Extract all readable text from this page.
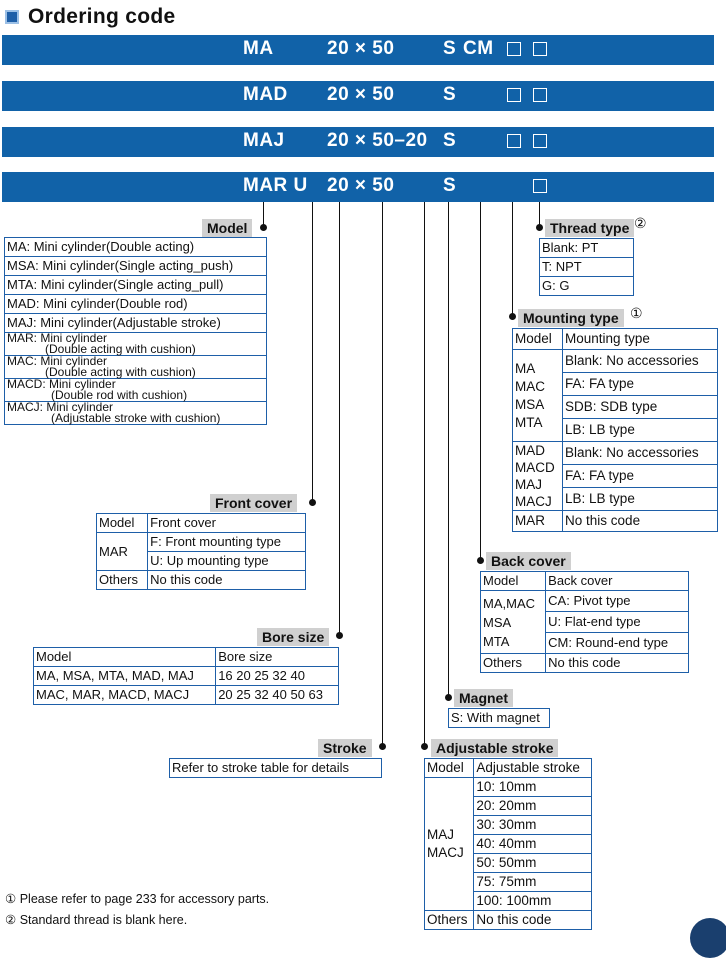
Ordering code
MA	20 × 50	S CM
MAD 20 × 50	S
MAJ 20 × 50–20 S
MAR U 20 × 50	S
Model
MA: Mini cylinder(Double acting)
MSA: Mini cylinder(Single acting_push)
MTA: Mini cylinder(Single acting_pull)
MAD: Mini cylinder(Double rod)
MAJ: Mini cylinder(Adjustable stroke)

MAR: Mini cylinder
(Double acting with cushion)

MAC: Mini cylinder
(Double acting with cushion)

MACD: Mini cylinder
(Double rod with cushion)

MACJ: Mini cylinder
(Adjustable stroke with cushion)
Front cover
Model	Front cover
MAR	F: Front mounting type
	U: Up mounting type
Others	No this code
Bore size
Model	Bore size
MA, MSA, MTA, MAD, MAJ	16 20 25 32 40
MAC, MAR, MACD, MACJ	20 25 32 40 50 63
Stroke
Refer to stroke table for details
Thread type ②
Blank: PT
T: NPT
G: G
Mounting type ①
Model	Mounting type

MA
MAC
MSA
MTA	Blank: No accessories
	FA: FA type
	SDB: SDB type
	LB: LB type

MAD
MACD
MAJ
MACJ	Blank: No accessories
	FA: FA type
	LB: LB type
MAR	No this code
Back cover
Model	Back cover

MA,MAC
MSA
MTA	CA: Pivot type
	U: Flat-end type
	CM: Round-end type
Others	No this code
Magnet
S: With magnet
Adjustable stroke
Model	Adjustable stroke

MAJ
MACJ	10: 10mm
	20: 20mm
	30: 30mm
	40: 40mm
	50: 50mm
	75: 75mm
	100: 100mm
Others	No this code
① Please refer to page 233 for accessory parts.
② Standard thread is blank here.
